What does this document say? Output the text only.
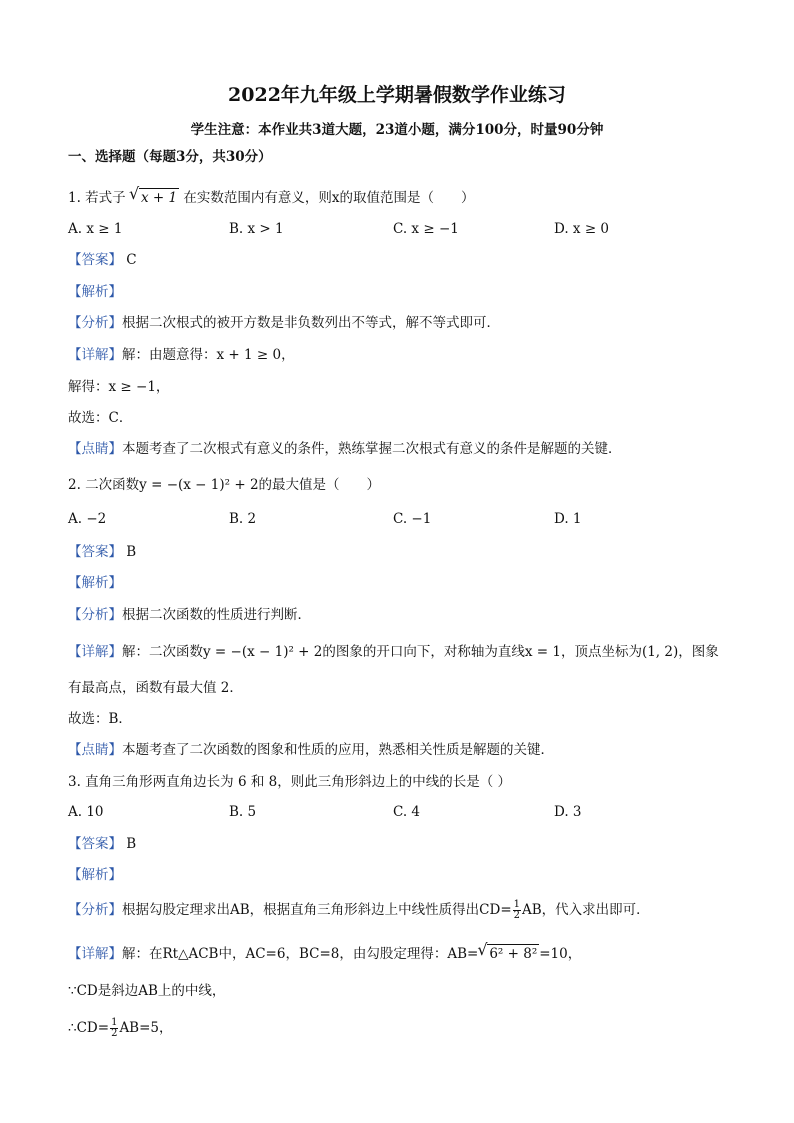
2022年九年级上学期暑假数学作业练习
学生注意：本作业共3道大题，23道小题，满分100分，时量90分钟
一、选择题（每题3分，共30分）
1. 若式子 √ x + 1 在实数范围内有意义，则x的取值范围是（　　）
A. x ≥ 1	B. x > 1	C. x ≥ −1	D. x ≥ 0
【答案】 C
【解析】
【分析】根据二次根式的被开方数是非负数列出不等式，解不等式即可．
【详解】解：由题意得：x + 1 ≥ 0，
解得：x ≥ −1，
故选：C．
【点睛】本题考查了二次根式有意义的条件，熟练掌握二次根式有意义的条件是解题的关键．
2. 二次函数y = −(x − 1)² + 2的最大值是（　　）
A. −2	B. 2	C. −1	D. 1
【答案】 B
【解析】
【分析】根据二次函数的性质进行判断．
【详解】解：二次函数y = −(x − 1)² + 2的图象的开口向下，对称轴为直线x = 1，顶点坐标为(1, 2)，图象
有最高点，函数有最大值 2．
故选：B．
【点睛】本题考查了二次函数的图象和性质的应用，熟悉相关性质是解题的关键．
3. 直角三角形两直角边长为 6 和 8，则此三角形斜边上的中线的长是（ ）
A. 10	B. 5	C. 4	D. 3
【答案】 B
【解析】
【分析】根据勾股定理求出AB，根据直角三角形斜边上中线性质得出$CD= \frac{1}{2}$ AB，代入求出即可．
【详解】解：在Rt△ACB中，AC=6，BC=8，由勾股定理得：AB= √ 6² + 8² =10，
∵CD是斜边AB上的中线，
∴CD= $\frac{1}{2} AB=5$，
